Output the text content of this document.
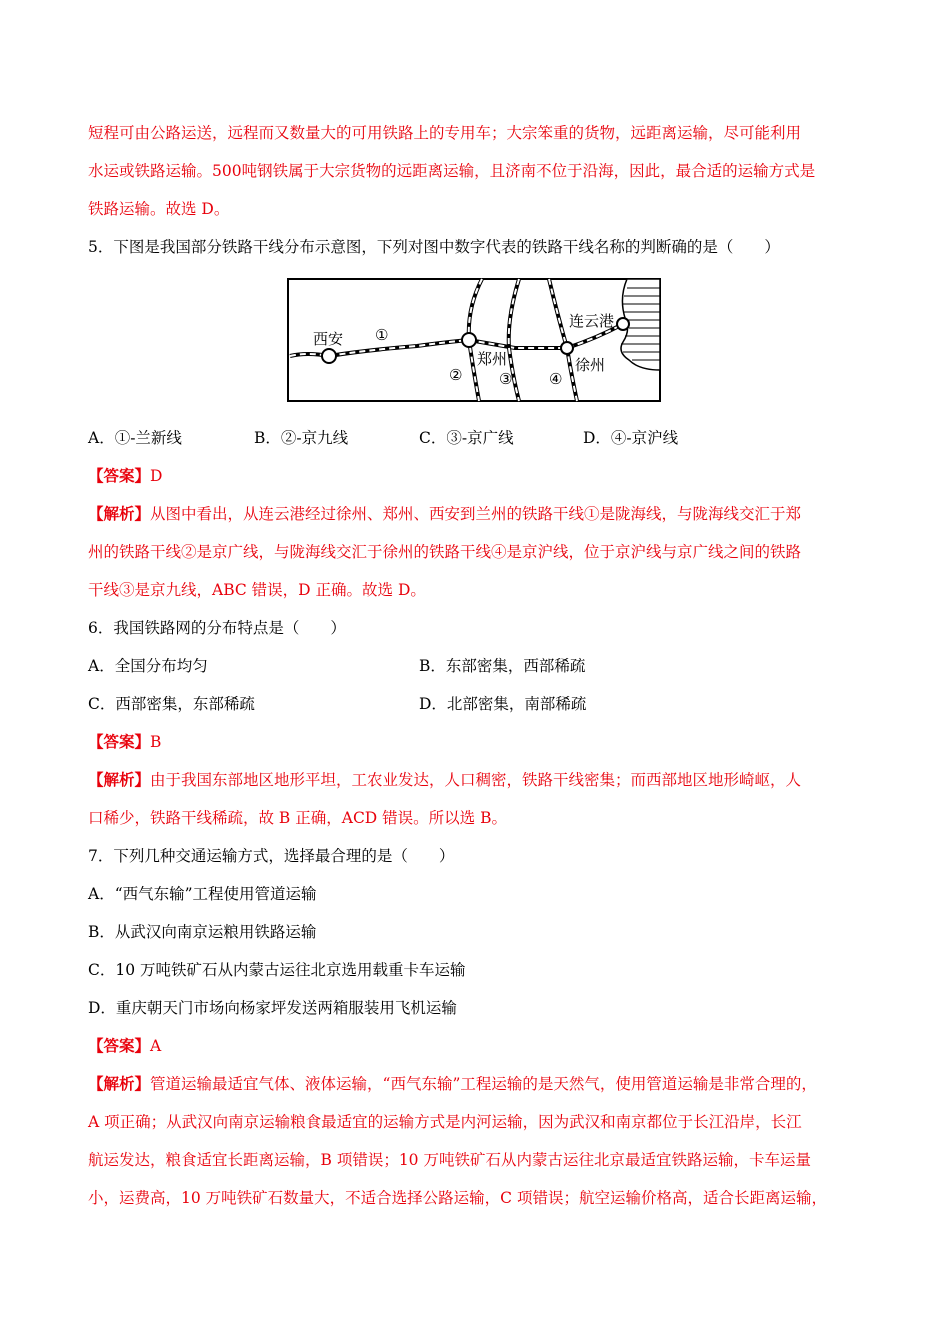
短程可由公路运送，远程而又数量大的可用铁路上的专用车；大宗笨重的货物，远距离运输，尽可能利用
水运或铁路运输。500吨钢铁属于大宗货物的远距离运输，且济南不位于沿海，因此，最合适的运输方式是
铁路运输。故选 D。
5．下图是我国部分铁路干线分布示意图，下列对图中数字代表的铁路干线名称的判断确的是（　　）
西安
郑州	徐州
连云港
①
② ③ ④
A．①-兰新线	B．②-京九线	C．③-京广线	D．④-京沪线
【答案】D
【解析】从图中看出，从连云港经过徐州、郑州、西安到兰州的铁路干线①是陇海线，与陇海线交汇于郑
州的铁路干线②是京广线，与陇海线交汇于徐州的铁路干线④是京沪线，位于京沪线与京广线之间的铁路
干线③是京九线，ABC 错误，D 正确。故选 D。
6．我国铁路网的分布特点是（　　）
A．全国分布均匀	B．东部密集，西部稀疏
C．西部密集，东部稀疏	D．北部密集，南部稀疏
【答案】B
【解析】由于我国东部地区地形平坦，工农业发达，人口稠密，铁路干线密集；而西部地区地形崎岖，人
口稀少，铁路干线稀疏，故 B 正确，ACD 错误。所以选 B。
7．下列几种交通运输方式，选择最合理的是（　　）
A．“西气东输”工程使用管道运输
B．从武汉向南京运粮用铁路运输
C．10 万吨铁矿石从内蒙古运往北京选用载重卡车运输
D．重庆朝天门市场向杨家坪发送两箱服装用飞机运输
【答案】A
【解析】管道运输最适宜气体、液体运输，“西气东输”工程运输的是天然气，使用管道运输是非常合理的，
A 项正确；从武汉向南京运输粮食最适宜的运输方式是内河运输，因为武汉和南京都位于长江沿岸，长江
航运发达，粮食适宜长距离运输，B 项错误；10 万吨铁矿石从内蒙古运往北京最适宜铁路运输，卡车运量
小，运费高，10 万吨铁矿石数量大，不适合选择公路运输，C 项错误；航空运输价格高，适合长距离运输，
